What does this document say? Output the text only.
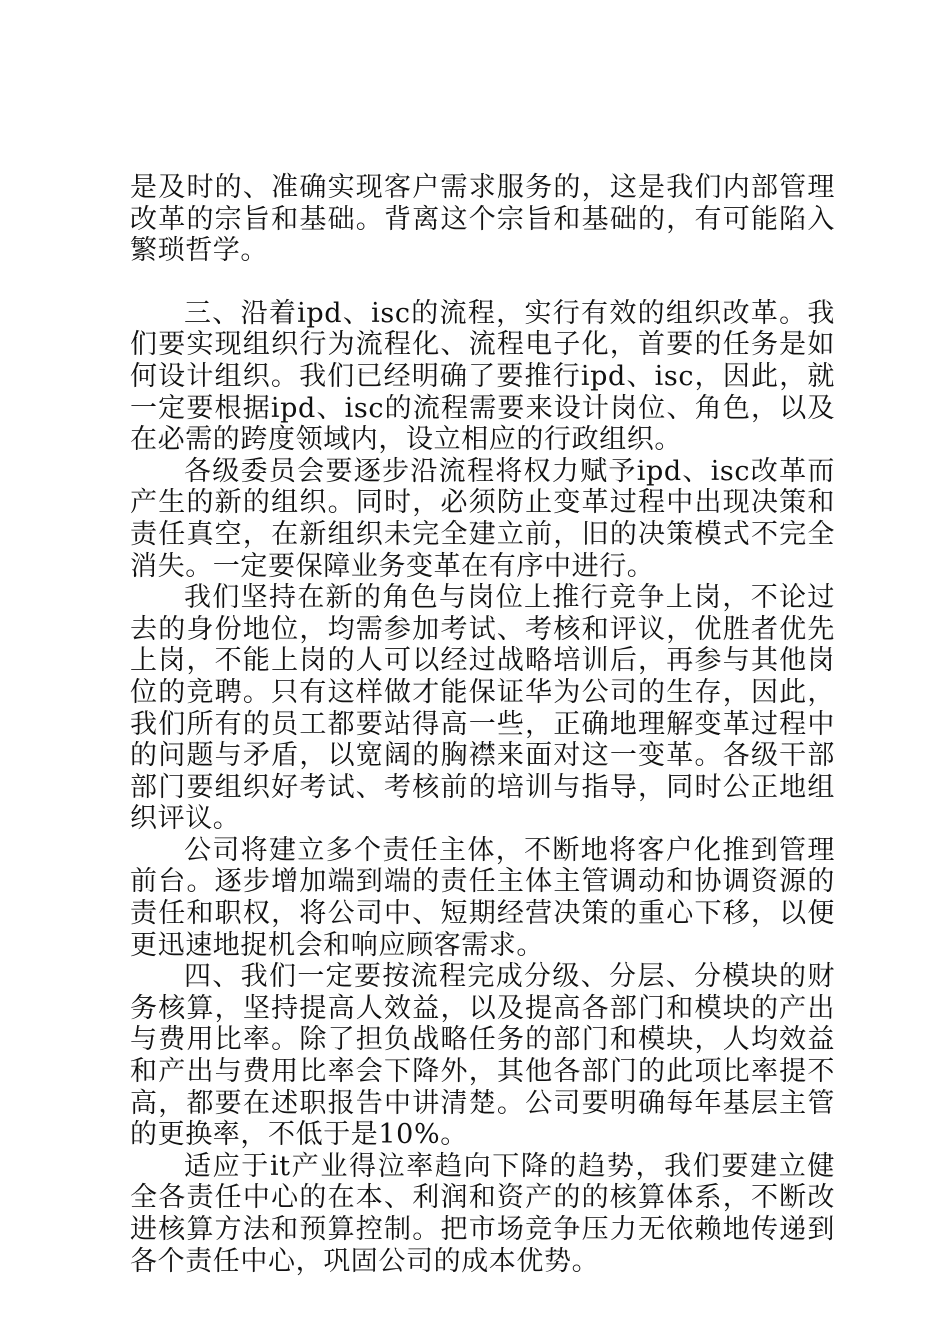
是及时的、准确实现客户需求服务的，这是我们内部管理改革的宗旨和基础。背离这个宗旨和基础的，有可能陷入繁琐哲学。

三、沿着ipd、isc的流程，实行有效的组织改革。我们要实现组织行为流程化、流程电子化，首要的任务是如何设计组织。我们已经明确了要推行ipd、isc，因此，就一定要根据ipd、isc的流程需要来设计岗位、角色，以及在必需的跨度领域内，设立相应的行政组织。

各级委员会要逐步沿流程将权力赋予ipd、isc改革而产生的新的组织。同时，必须防止变革过程中出现决策和责任真空，在新组织未完全建立前，旧的决策模式不完全消失。一定要保障业务变革在有序中进行。

我们坚持在新的角色与岗位上推行竞争上岗，不论过去的身份地位，均需参加考试、考核和评议，优胜者优先上岗，不能上岗的人可以经过战略培训后，再参与其他岗位的竞聘。只有这样做才能保证华为公司的生存，因此，我们所有的员工都要站得高一些，正确地理解变革过程中的问题与矛盾，以宽阔的胸襟来面对这一变革。各级干部部门要组织好考试、考核前的培训与指导，同时公正地组织评议。

公司将建立多个责任主体，不断地将客户化推到管理前台。逐步增加端到端的责任主体主管调动和协调资源的责任和职权，将公司中、短期经营决策的重心下移，以便更迅速地捉机会和响应顾客需求。

四、我们一定要按流程完成分级、分层、分模块的财务核算，坚持提高人效益，以及提高各部门和模块的产出与费用比率。除了担负战略任务的部门和模块，人均效益和产出与费用比率会下降外，其他各部门的此项比率提不高，都要在述职报告中讲清楚。公司要明确每年基层主管的更换率，不低于是10%。

适应于it产业得泣率趋向下降的趋势，我们要建立健全各责任中心的在本、利润和资产的的核算体系，不断改进核算方法和预算控制。把市场竞争压力无依赖地传递到各个责任中心，巩固公司的成本优势。
